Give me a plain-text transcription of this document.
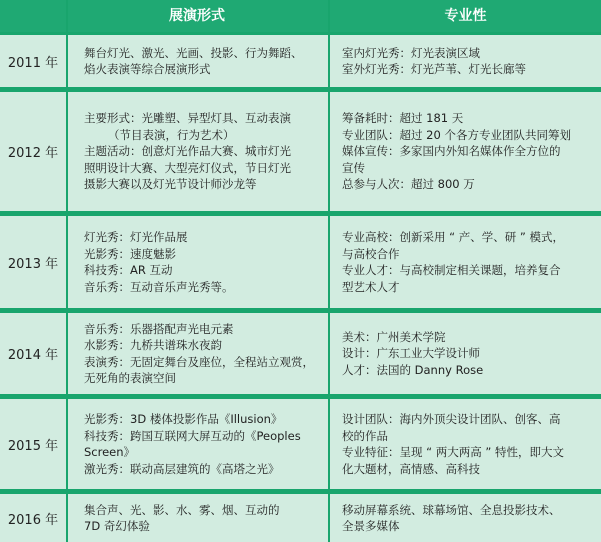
展演形式	专业性
2011 年
舞台灯光、激光、光画、投影、行为舞蹈、
焰火表演等综合展演形式
室内灯光秀：灯光表演区域
室外灯光秀：灯光芦苇、灯光长廊等
2012 年
主要形式：光雕塑、异型灯具、互动表演
（节目表演，行为艺术）
主题活动：创意灯光作品大赛、城市灯光
照明设计大赛、大型亮灯仪式，节日灯光
摄影大赛以及灯光节设计师沙龙等
筹备耗时：超过 181 天
专业团队：超过 20 个各方专业团队共同筹划
媒体宣传：多家国内外知名媒体作全方位的
宣传
总参与人次：超过 800 万
2013 年
灯光秀：灯光作品展
光影秀：速度魅影
科技秀：AR 互动
音乐秀：互动音乐声光秀等。
专业高校：创新采用 “ 产、学、研 ” 模式，
与高校合作
专业人才：与高校制定相关课题，培养复合
型艺术人才
2014 年
音乐秀：乐器搭配声光电元素
水影秀：九桥共谱珠水夜韵
表演秀：无固定舞台及座位，全程站立观赏，
无死角的表演空间
美术：广州美术学院
设计：广东工业大学设计师
人才：法国的 Danny Rose
2015 年
光影秀：3D 楼体投影作品《Illusion》
科技秀：跨国互联网大屏互动的《Peoples
Screen》
激光秀：联动高层建筑的《高塔之光》
设计团队：海内外顶尖设计团队、创客、高
校的作品
专业特征：呈现 “ 两大两高 ” 特性，即大文
化大题材，高情感、高科技
2016 年
集合声、光、影、水、雾、烟、互动的
7D 奇幻体验
移动屏幕系统、球幕场馆、全息投影技术、
全景多媒体
